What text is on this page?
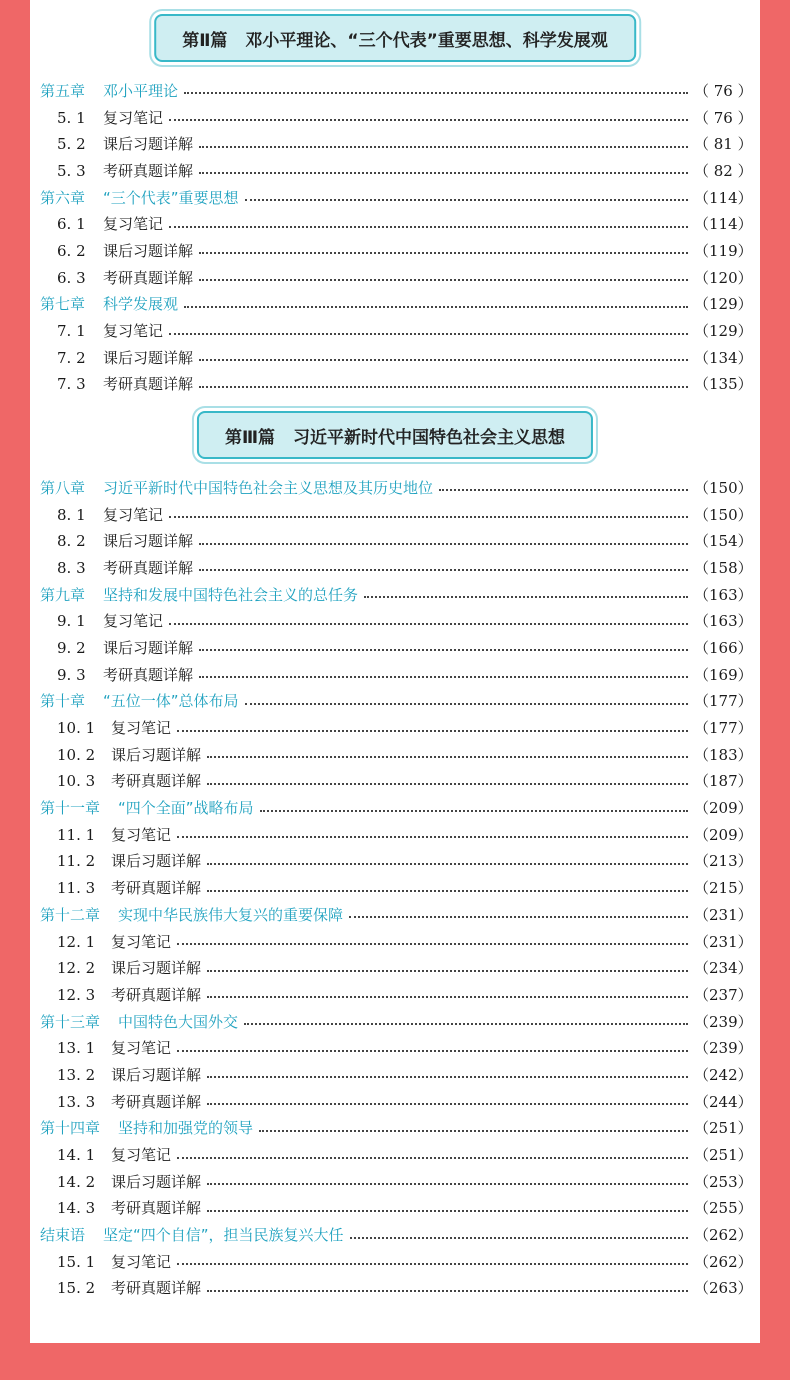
第Ⅱ篇 邓小平理论、“三个代表”重要思想、科学发展观
第五章 邓小平理论	（ 76 ）
5. 1 复习笔记	（ 76 ）
5. 2 课后习题详解	（ 81 ）
5. 3 考研真题详解	（ 82 ）
第六章 “三个代表”重要思想	（114）
6. 1 复习笔记	（114）
6. 2 课后习题详解	（119）
6. 3 考研真题详解	（120）
第七章 科学发展观	（129）
7. 1 复习笔记	（129）
7. 2 课后习题详解	（134）
7. 3 考研真题详解	（135）
第Ⅲ篇 习近平新时代中国特色社会主义思想
第八章 习近平新时代中国特色社会主义思想及其历史地位	（150）
8. 1 复习笔记	（150）
8. 2 课后习题详解	（154）
8. 3 考研真题详解	（158）
第九章 坚持和发展中国特色社会主义的总任务	（163）
9. 1 复习笔记	（163）
9. 2 课后习题详解	（166）
9. 3 考研真题详解	（169）
第十章 “五位一体”总体布局	（177）
10. 1 复习笔记	（177）
10. 2 课后习题详解	（183）
10. 3 考研真题详解	（187）
第十一章 “四个全面”战略布局	（209）
11. 1 复习笔记	（209）
11. 2 课后习题详解	（213）
11. 3 考研真题详解	（215）
第十二章 实现中华民族伟大复兴的重要保障	（231）
12. 1 复习笔记	（231）
12. 2 课后习题详解	（234）
12. 3 考研真题详解	（237）
第十三章 中国特色大国外交	（239）
13. 1 复习笔记	（239）
13. 2 课后习题详解	（242）
13. 3 考研真题详解	（244）
第十四章 坚持和加强党的领导	（251）
14. 1 复习笔记	（251）
14. 2 课后习题详解	（253）
14. 3 考研真题详解	（255）
结束语 坚定“四个自信”，担当民族复兴大任	（262）
15. 1 复习笔记	（262）
15. 2 考研真题详解	（263）
